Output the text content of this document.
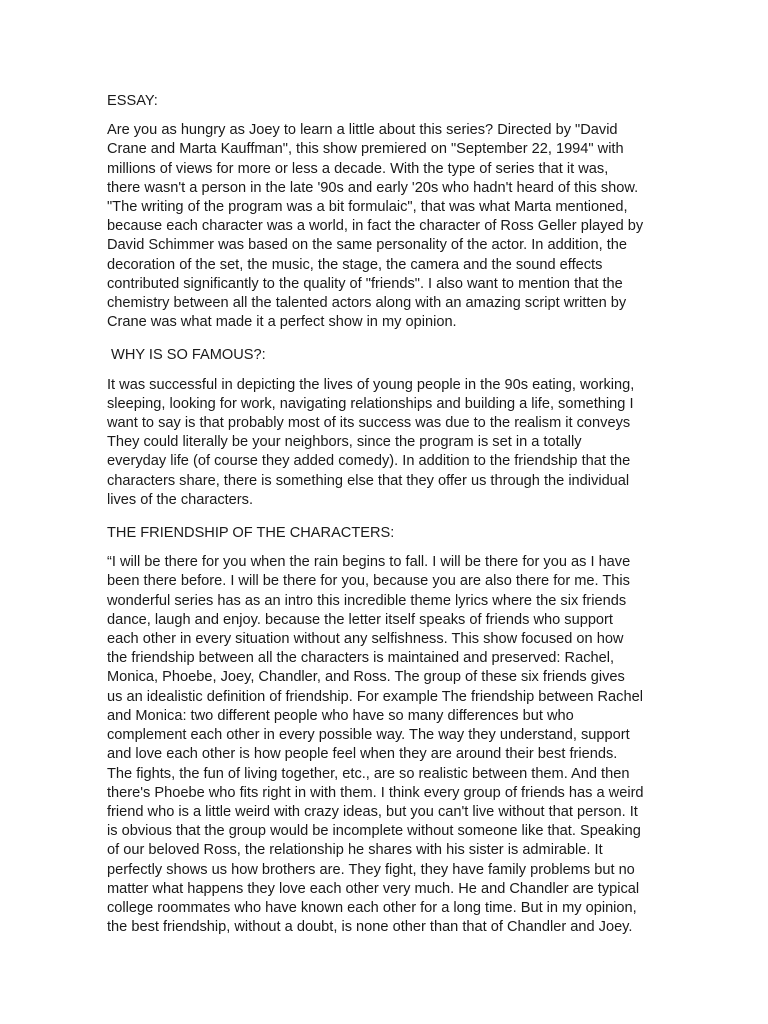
ESSAY:
Are you as hungry as Joey to learn a little about this series? Directed by "David
Crane and Marta Kauffman", this show premiered on "September 22, 1994" with
millions of views for more or less a decade. With the type of series that it was,
there wasn't a person in the late '90s and early '20s who hadn't heard of this show.
"The writing of the program was a bit formulaic", that was what Marta mentioned,
because each character was a world, in fact the character of Ross Geller played by
David Schimmer was based on the same personality of the actor. In addition, the
decoration of the set, the music, the stage, the camera and the sound effects
contributed significantly to the quality of "friends". I also want to mention that the
chemistry between all the talented actors along with an amazing script written by
Crane was what made it a perfect show in my opinion.
WHY IS SO FAMOUS?:
It was successful in depicting the lives of young people in the 90s eating, working,
sleeping, looking for work, navigating relationships and building a life, something I
want to say is that probably most of its success was due to the realism it conveys
They could literally be your neighbors, since the program is set in a totally
everyday life (of course they added comedy). In addition to the friendship that the
characters share, there is something else that they offer us through the individual
lives of the characters.
THE FRIENDSHIP OF THE CHARACTERS:
“I will be there for you when the rain begins to fall. I will be there for you as I have
been there before. I will be there for you, because you are also there for me. This
wonderful series has as an intro this incredible theme lyrics where the six friends
dance, laugh and enjoy. because the letter itself speaks of friends who support
each other in every situation without any selfishness. This show focused on how
the friendship between all the characters is maintained and preserved: Rachel,
Monica, Phoebe, Joey, Chandler, and Ross. The group of these six friends gives
us an idealistic definition of friendship. For example The friendship between Rachel
and Monica: two different people who have so many differences but who
complement each other in every possible way. The way they understand, support
and love each other is how people feel when they are around their best friends.
The fights, the fun of living together, etc., are so realistic between them. And then
there's Phoebe who fits right in with them. I think every group of friends has a weird
friend who is a little weird with crazy ideas, but you can't live without that person. It
is obvious that the group would be incomplete without someone like that. Speaking
of our beloved Ross, the relationship he shares with his sister is admirable. It
perfectly shows us how brothers are. They fight, they have family problems but no
matter what happens they love each other very much. He and Chandler are typical
college roommates who have known each other for a long time. But in my opinion,
the best friendship, without a doubt, is none other than that of Chandler and Joey.
